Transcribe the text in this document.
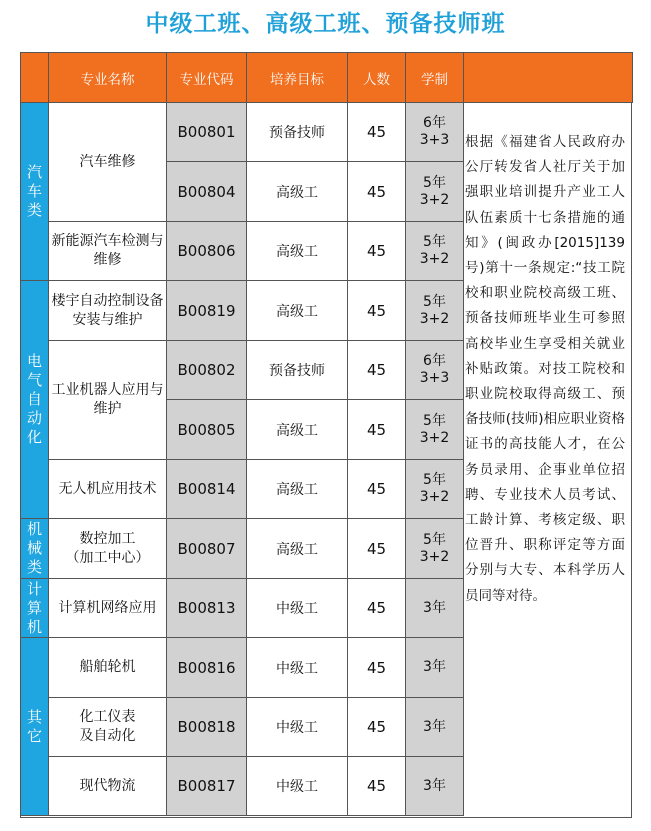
中级工班、高级工班、预备技师班
	专业名称	专业代码	培养目标	人数	学制	
汽车类	汽车维修	B00801	预备技师	45	6年
3+3	
		B00804	高级工	45	5年
3+2	
	新能源汽车检测与维修	B00806	高级工	45	5年
3+2	
电气自动化	楼宇自动控制设备安装与维护	B00819	高级工	45	5年
3+2	
	工业机器人应用与维护	B00802	预备技师	45	6年
3+3	
		B00805	高级工	45	5年
3+2	
	无人机应用技术	B00814	高级工	45	5年
3+2	
机械类	数控加工
（加工中心）	B00807	高级工	45	5年
3+2	
计算机	计算机网络应用	B00813	中级工	45	3年	
其它	船舶轮机	B00816	中级工	45	3年	
	化工仪表
及自动化	B00818	中级工	45	3年	
	现代物流	B00817	中级工	45	3年	
根据《福建省人民政府办公厅转发省人社厅关于加强职业培训提升产业工人队伍素质十七条措施的通知》(闽政办[2015]139号)第十一条规定:“技工院校和职业院校高级工班、预备技师班毕业生可参照高校毕业生享受相关就业补贴政策。对技工院校和职业院校取得高级工、预备技师(技师)相应职业资格证书的高技能人才，在公务员录用、企事业单位招聘、专业技术人员考试、工龄计算、考核定级、职位晋升、职称评定等方面分别与大专、本科学历人员同等对待。
